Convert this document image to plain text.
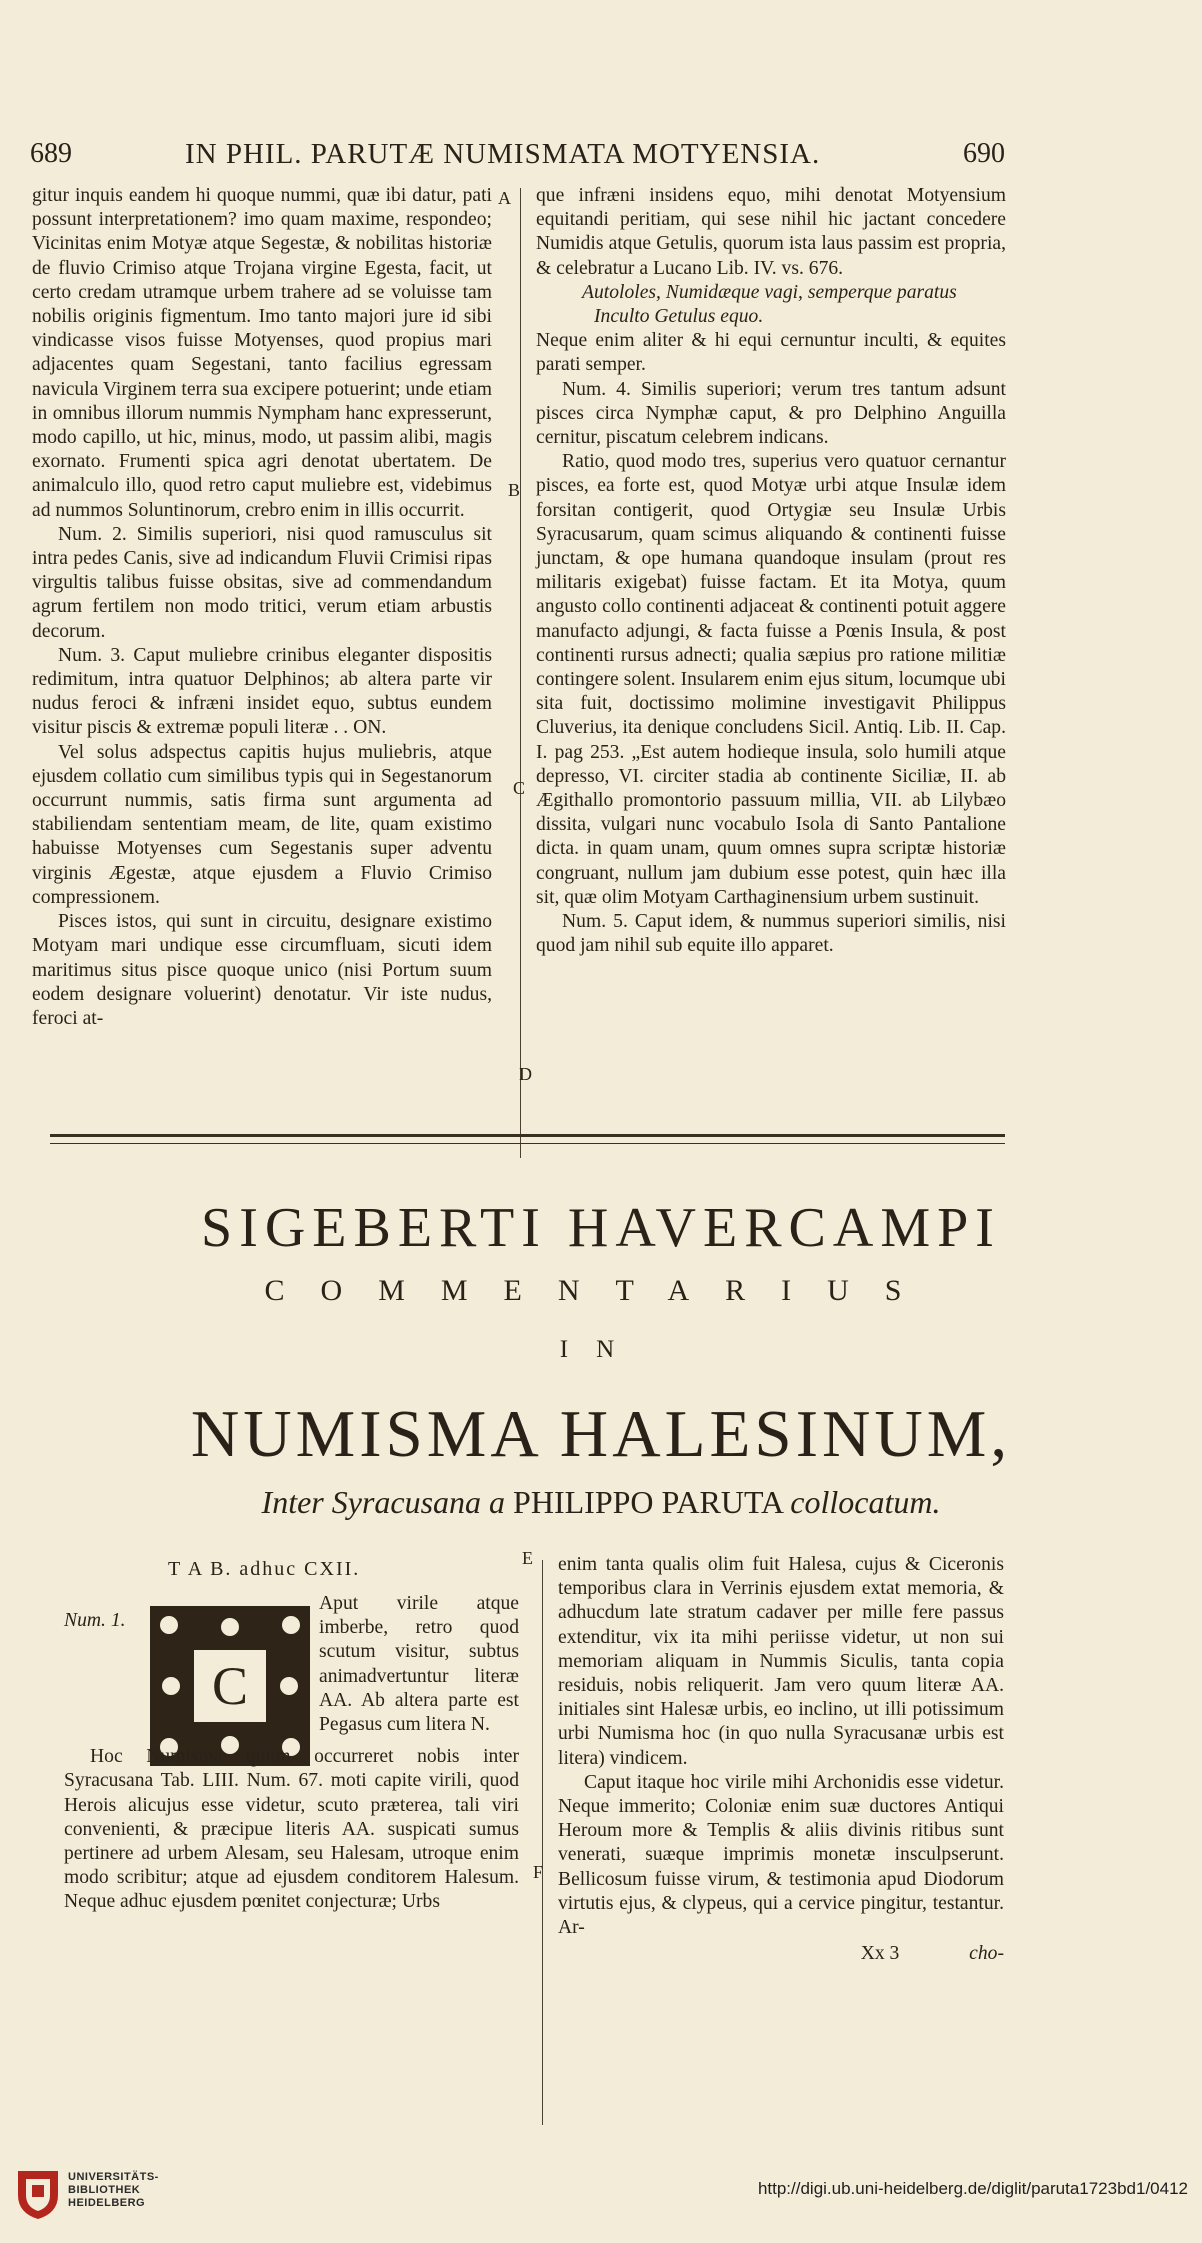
689	IN PHIL. PARUTÆ NUMISMATA MOTYENSIA.	690

gitur inquis eandem hi quoque nummi, quæ ibi datur, pati possunt interpretationem? imo quam maxime, respondeo; Vicinitas enim Motyæ atque Segestæ, & nobilitas historiæ de fluvio Crimiso atque Trojana virgine Egesta, facit, ut certo credam utramque urbem trahere ad se voluisse tam nobilis originis figmentum. Imo tanto majori jure id sibi vindicasse visos fuisse Motyenses, quod propius mari adjacentes quam Segestani, tanto facilius egressam navicula Virginem terra sua excipere potuerint; unde etiam in omnibus illorum nummis Nympham hanc expresserunt, modo capillo, ut hic, minus, modo, ut passim alibi, magis exornato. Frumenti spica agri denotat ubertatem. De animalculo illo, quod retro caput muliebre est, videbimus ad nummos Soluntinorum, crebro enim in illis occurrit.

Num. 2. Similis superiori, nisi quod ramusculus sit intra pedes Canis, sive ad indicandum Fluvii Crimisi ripas virgultis talibus fuisse obsitas, sive ad commendandum agrum fertilem non modo tritici, verum etiam arbustis decorum.

Num. 3. Caput muliebre crinibus eleganter dispositis redimitum, intra quatuor Delphinos; ab altera parte vir nudus feroci & infræni insidet equo, subtus eundem visitur piscis & extremæ populi literæ . . ON.

Vel solus adspectus capitis hujus muliebris, atque ejusdem collatio cum similibus typis qui in Segestanorum occurrunt nummis, satis firma sunt argumenta ad stabiliendam sententiam meam, de lite, quam existimo habuisse Motyenses cum Segestanis super adventu virginis Ægestæ, atque ejusdem a Fluvio Crimiso compressionem.

Pisces istos, qui sunt in circuitu, designare existimo Motyam mari undique esse circumfluam, sicuti idem maritimus situs pisce quoque unico (nisi Portum suum eodem designare voluerint) denotatur. Vir iste nudus, feroci at-

A
B
C
D

que infræni insidens equo, mihi denotat Motyensium equitandi peritiam, qui sese nihil hic jactant concedere Numidis atque Getulis, quorum ista laus passim est propria, & celebratur a Lucano Lib. IV. vs. 676.

Autololes, Numidæque vagi, semperque paratus

Inculto Getulus equo.

Neque enim aliter & hi equi cernuntur inculti, & equites parati semper.

Num. 4. Similis superiori; verum tres tantum adsunt pisces circa Nymphæ caput, & pro Delphino Anguilla cernitur, piscatum celebrem indicans.

Ratio, quod modo tres, superius vero quatuor cernantur pisces, ea forte est, quod Motyæ urbi atque Insulæ idem forsitan contigerit, quod Ortygiæ seu Insulæ Urbis Syracusarum, quam scimus aliquando & continenti fuisse junctam, & ope humana quandoque insulam (prout res militaris exigebat) fuisse factam. Et ita Motya, quum angusto collo continenti adjaceat & continenti potuit aggere manufacto adjungi, & facta fuisse a Pœnis Insula, & post continenti rursus adnecti; qualia sæpius pro ratione militiæ contingere solent. Insularem enim ejus situm, locumque ubi sita fuit, doctissimo molimine investigavit Philippus Cluverius, ita denique concludens Sicil. Antiq. Lib. II. Cap. I. pag 253. „Est autem hodieque insula, solo humili atque depresso, VI. circiter stadia ab continente Siciliæ, II. ab Ægithallo promontorio passuum millia, VII. ab Lilybæo dissita, vulgari nunc vocabulo Isola di Santo Pantalione dicta. in quam unam, quum omnes supra scriptæ historiæ congruant, nullum jam dubium esse potest, quin hæc illa sit, quæ olim Motyam Carthaginensium urbem sustinuit.

Num. 5. Caput idem, & nummus superiori similis, nisi quod jam nihil sub equite illo apparet.

SIGEBERTI HAVERCAMPI
COMMENTARIUS
IN
NUMISMA HALESINUM,
Inter Syracusana a PHILIPPO PARUTA collocatum.
T A B. adhuc CXII.
Num. 1.
C

Aput virile atque imberbe, retro quod scutum visitur, subtus animadvertuntur literæ AA. Ab altera parte est Pegasus cum litera N.

Hoc Numisma quum occurreret nobis inter Syracusana Tab. LIII. Num. 67. moti capite virili, quod Herois alicujus esse videtur, scuto præterea, tali viri convenienti, & præcipue literis AA. suspicati sumus pertinere ad urbem Alesam, seu Halesam, utroque enim modo scribitur; atque ad ejusdem conditorem Halesum. Neque adhuc ejusdem pœnitet conjecturæ; Urbs

E
F

enim tanta qualis olim fuit Halesa, cujus & Ciceronis temporibus clara in Verrinis ejusdem extat memoria, & adhucdum late stratum cadaver per mille fere passus extenditur, vix ita mihi periisse videtur, ut non sui memoriam aliquam in Nummis Siculis, tanta copia residuis, nobis reliquerit. Jam vero quum literæ AA. initiales sint Halesæ urbis, eo inclino, ut illi potissimum urbi Numisma hoc (in quo nulla Syracusanæ urbis est litera) vindicem.

Caput itaque hoc virile mihi Archonidis esse videtur. Neque immerito; Coloniæ enim suæ ductores Antiqui Heroum more & Templis & aliis divinis ritibus sunt venerati, suæque imprimis monetæ insculpserunt. Bellicosum fuisse virum, & testimonia apud Diodorum virtutis ejus, & clypeus, qui a cervice pingitur, testantur. Ar-

Xx 3	cho-

UNIVERSITÄTS-
BIBLIOTHEK
HEIDELBERG
http://digi.ub.uni-heidelberg.de/diglit/paruta1723bd1/0412
